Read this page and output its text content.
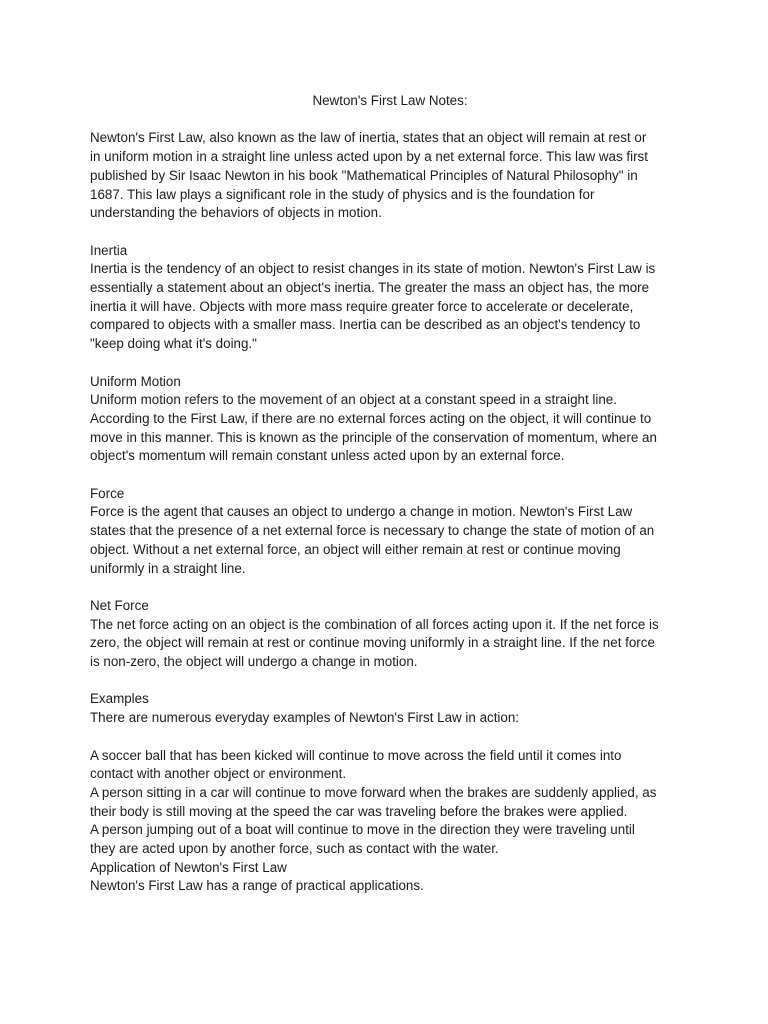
Newton's First Law Notes:

Newton's First Law, also known as the law of inertia, states that an object will remain at rest or
in uniform motion in a straight line unless acted upon by a net external force. This law was first
published by Sir Isaac Newton in his book "Mathematical Principles of Natural Philosophy" in
1687. This law plays a significant role in the study of physics and is the foundation for
understanding the behaviors of objects in motion.

Inertia

Inertia is the tendency of an object to resist changes in its state of motion. Newton's First Law is
essentially a statement about an object's inertia. The greater the mass an object has, the more
inertia it will have. Objects with more mass require greater force to accelerate or decelerate,
compared to objects with a smaller mass. Inertia can be described as an object's tendency to
"keep doing what it's doing."

Uniform Motion

Uniform motion refers to the movement of an object at a constant speed in a straight line.
According to the First Law, if there are no external forces acting on the object, it will continue to
move in this manner. This is known as the principle of the conservation of momentum, where an
object's momentum will remain constant unless acted upon by an external force.

Force

Force is the agent that causes an object to undergo a change in motion. Newton's First Law
states that the presence of a net external force is necessary to change the state of motion of an
object. Without a net external force, an object will either remain at rest or continue moving
uniformly in a straight line.

Net Force

The net force acting on an object is the combination of all forces acting upon it. If the net force is
zero, the object will remain at rest or continue moving uniformly in a straight line. If the net force
is non-zero, the object will undergo a change in motion.

Examples

There are numerous everyday examples of Newton's First Law in action:

A soccer ball that has been kicked will continue to move across the field until it comes into
contact with another object or environment.

A person sitting in a car will continue to move forward when the brakes are suddenly applied, as
their body is still moving at the speed the car was traveling before the brakes were applied.

A person jumping out of a boat will continue to move in the direction they were traveling until
they are acted upon by another force, such as contact with the water.

Application of Newton's First Law

Newton's First Law has a range of practical applications.
